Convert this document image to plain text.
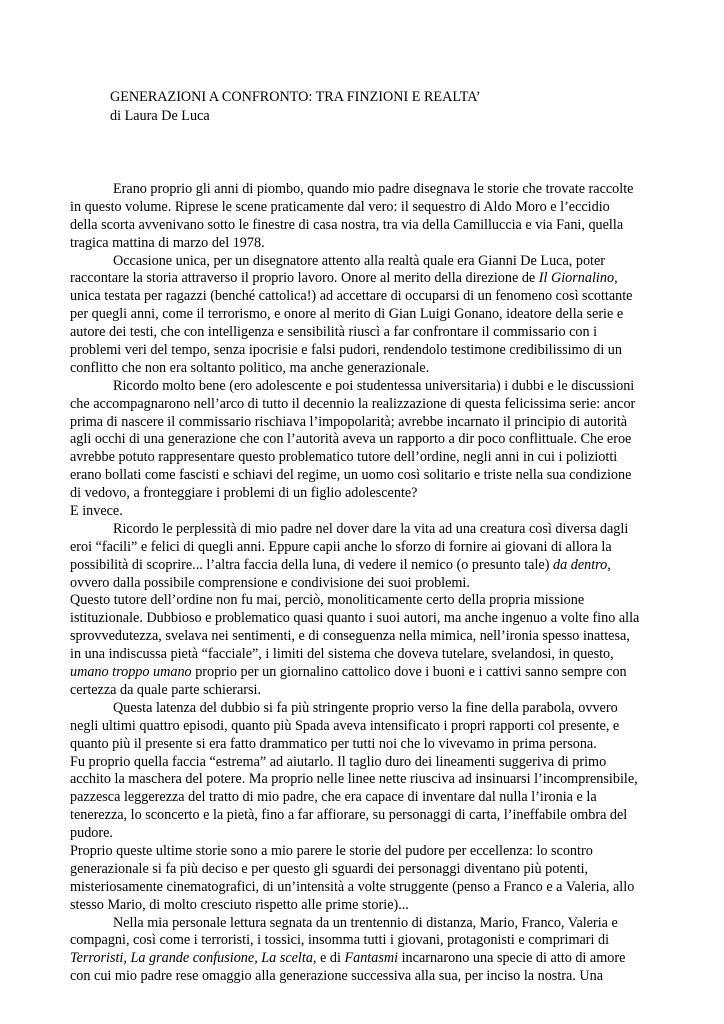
GENERAZIONI A CONFRONTO: TRA FINZIONI E REALTA’
di Laura De Luca
Erano proprio gli anni di piombo, quando mio padre disegnava le storie che trovate raccolte
in questo volume. Riprese le scene praticamente dal vero: il sequestro di Aldo Moro e l’eccidio
della scorta avvenivano sotto le finestre di casa nostra, tra via della Camilluccia e via Fani, quella
tragica mattina di marzo del 1978.
Occasione unica, per un disegnatore attento alla realtà quale era Gianni De Luca, poter
raccontare la storia attraverso il proprio lavoro. Onore al merito della direzione de Il Giornalino,
unica testata per ragazzi (benché cattolica!) ad accettare di occuparsi di un fenomeno così scottante
per quegli anni, come il terrorismo, e onore al merito di Gian Luigi Gonano, ideatore della serie e
autore dei testi, che con intelligenza e sensibilità riuscì a far confrontare il commissario con i
problemi veri del tempo, senza ipocrisie e falsi pudori, rendendolo testimone credibilissimo di un
conflitto che non era soltanto politico, ma anche generazionale.
Ricordo molto bene (ero adolescente e poi studentessa universitaria) i dubbi e le discussioni
che accompagnarono nell’arco di tutto il decennio la realizzazione di questa felicissima serie: ancor
prima di nascere il commissario rischiava l’impopolarità; avrebbe incarnato il principio di autorità
agli occhi di una generazione che con l’autorità aveva un rapporto a dir poco conflittuale. Che eroe
avrebbe potuto rappresentare questo problematico tutore dell’ordine, negli anni in cui i poliziotti
erano bollati come fascisti e schiavi del regime, un uomo così solitario e triste nella sua condizione
di vedovo, a fronteggiare i problemi di un figlio adolescente?
E invece.
Ricordo le perplessità di mio padre nel dover dare la vita ad una creatura così diversa dagli
eroi “facili” e felici di quegli anni. Eppure capii anche lo sforzo di fornire ai giovani di allora la
possibilità di scoprire... l’altra faccia della luna, di vedere il nemico (o presunto tale) da dentro,
ovvero dalla possibile comprensione e condivisione dei suoi problemi.
Questo tutore dell’ordine non fu mai, perciò, monoliticamente certo della propria missione
istituzionale. Dubbioso e problematico quasi quanto i suoi autori, ma anche ingenuo a volte fino alla
sprovvedutezza, svelava nei sentimenti, e di conseguenza nella mimica, nell’ironia spesso inattesa,
in una indiscussa pietà “facciale”, i limiti del sistema che doveva tutelare, svelandosi, in questo,
umano troppo umano proprio per un giornalino cattolico dove i buoni e i cattivi sanno sempre con
certezza da quale parte schierarsi.
Questa latenza del dubbio si fa più stringente proprio verso la fine della parabola, ovvero
negli ultimi quattro episodi, quanto più Spada aveva intensificato i propri rapporti col presente, e
quanto più il presente si era fatto drammatico per tutti noi che lo vivevamo in prima persona.
Fu proprio quella faccia “estrema” ad aiutarlo. Il taglio duro dei lineamenti suggeriva di primo
acchito la maschera del potere. Ma proprio nelle linee nette riusciva ad insinuarsi l’incomprensibile,
pazzesca leggerezza del tratto di mio padre, che era capace di inventare dal nulla l’ironia e la
tenerezza, lo sconcerto e la pietà, fino a far affiorare, su personaggi di carta, l’ineffabile ombra del
pudore.
Proprio queste ultime storie sono a mio parere le storie del pudore per eccellenza: lo scontro
generazionale si fa più deciso e per questo gli sguardi dei personaggi diventano più potenti,
misteriosamente cinematografici, di un’intensità a volte struggente (penso a Franco e a Valeria, allo
stesso Mario, di molto cresciuto rispetto alle prime storie)...
Nella mia personale lettura segnata da un trentennio di distanza, Mario, Franco, Valeria e
compagni, così come i terroristi, i tossici, insomma tutti i giovani, protagonisti e comprimari di
Terroristi, La grande confusione, La scelta, e di Fantasmi incarnarono una specie di atto di amore
con cui mio padre rese omaggio alla generazione successiva alla sua, per inciso la nostra. Una
